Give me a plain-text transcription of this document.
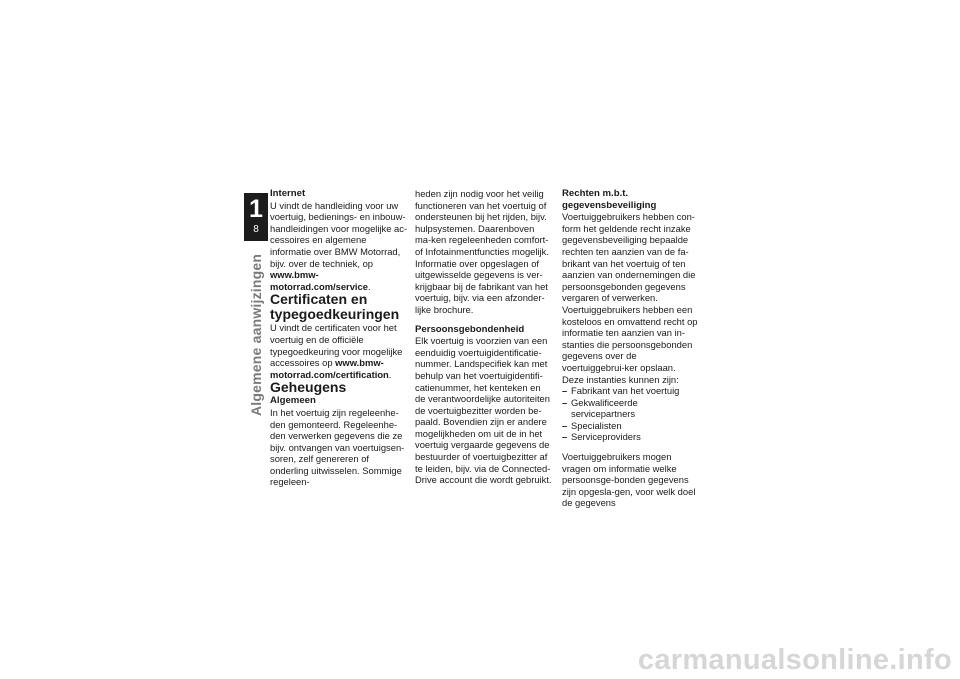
1
8
Algemene aanwijzingen

Internet

U vindt de handleiding voor uw voertuig, bedienings- en inbouw-handleidingen voor mogelijke ac-cessoires en algemene informatie over BMW Motorrad, bijv. over de techniek, op www.bmw-motorrad.com/service.

Certificaten en typegoedkeuringen

U vindt de certificaten voor het voertuig en de officiële typegoedkeuring voor mogelijke accessoires op www.bmw-motorrad.com/certification.

Geheugens

Algemeen

In het voertuig zijn regeleenhe-den gemonteerd. Regeleenhe-den verwerken gegevens die ze bijv. ontvangen van voertuigsen-soren, zelf genereren of onderling uitwisselen. Sommige regeleen-

heden zijn nodig voor het veilig functioneren van het voertuig of ondersteunen bij het rijden, bijv. hulpsystemen. Daarenboven ma-ken regeleenheden comfort- of Infotainmentfuncties mogelijk. Informatie over opgeslagen of uitgewisselde gegevens is ver-krijgbaar bij de fabrikant van het voertuig, bijv. via een afzonder-lijke brochure.

Persoonsgebondenheid

Elk voertuig is voorzien van een eenduidig voertuigidentificatie-nummer. Landspecifiek kan met behulp van het voertuigidentifi-catienummer, het kenteken en de verantwoordelijke autoriteiten de voertuigbezitter worden be-paald. Bovendien zijn er andere mogelijkheden om uit de in het voertuig vergaarde gegevens de bestuurder of voertuigbezitter af te leiden, bijv. via de Connected-Drive account die wordt gebruikt.

Rechten m.b.t. gegevensbeveiliging

Voertuiggebruikers hebben con-form het geldende recht inzake gegevensbeveiliging bepaalde rechten ten aanzien van de fa-brikant van het voertuig of ten aanzien van ondernemingen die persoonsgebonden gegevens vergaren of verwerken.

Voertuiggebruikers hebben een kosteloos en omvattend recht op informatie ten aanzien van in-stanties die persoonsgebonden gegevens over de voertuiggebrui-ker opslaan.

Deze instanties kunnen zijn:

– Fabrikant van het voertuig
– Gekwalificeerde servicepartners
– Specialisten
– Serviceproviders

Voertuiggebruikers mogen vragen om informatie welke persoonsge-bonden gegevens zijn opgesla-gen, voor welk doel de gegevens

carmanualsonline.info
